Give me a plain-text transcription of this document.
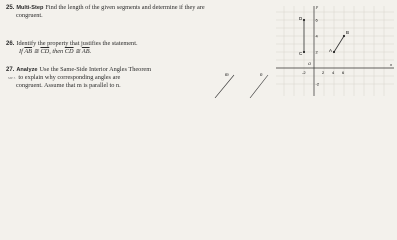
25. Multi-Step Find the length of the given segments and determine if they are
congruent.
26. Identify the property that justifies the statement.
If $\overline{AB}$ ≅ $\overline{CD}$, then $\overline{CD}$ ≅ $\overline{AB}$.
27. Analyze Use the Same-Side Interior Angles Theorem
MP 3 to explain why corresponding angles are
congruent. Assume that m is parallel to n.
x
y
O
-2	2 4 6
6
4
2
-2
D
C
B
A
m	n
